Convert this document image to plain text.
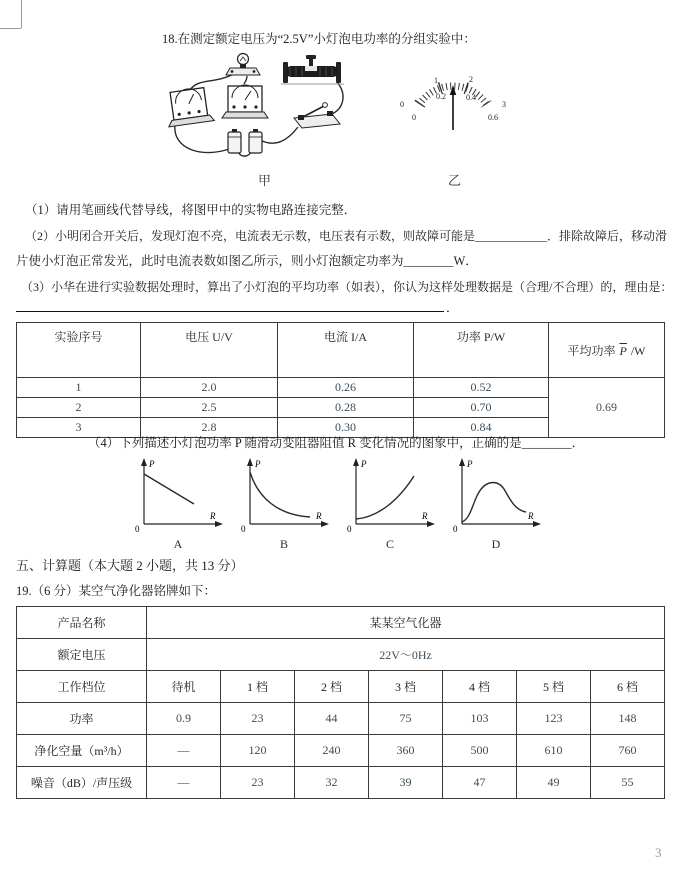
18.在测定额定电压为“2.5V”小灯泡电功率的分组实验中：
0
1	2
3
0
0.2	0.4
0.6
甲	乙
（1）请用笔画线代替导线，将图甲中的实物电路连接完整．
（2）小明闭合开关后，发现灯泡不亮，电流表无示数，电压表有示数，则故障可能是____________．排除故障后，移动滑
片使小灯泡正常发光，此时电流表数如图乙所示，则小灯泡额定功率为________W．
（3）小华在进行实验数据处理时，算出了小灯泡的平均功率（如表），你认为这样处理数据是（合理/不合理）的，理由是：
．
实验序号	电压 U/V	电流 I/A	功率 P/W	平均功率 $\overline{P}$ /W
1	2.0	0.26	0.52	0.69
2	2.5	0.28	0.70	
3	2.8	0.30	0.84	
（4）下列描述小灯泡功率 P 随滑动变阻器阻值 R 变化情况的图象中，正确的是________．
P
R
0
A
P
R
0
B
P
R
0
C
P
R
0
D
五、计算题（本大题 2 小题，共 13 分）
19.（6 分）某空气净化器铭牌如下：
产品名称	某某空气化器						
额定电压	22V～0Hz						
工作档位	待机	1 档	2 档	3 档	4 档	5 档	6 档
功率	0.9	23	44	75	103	123	148
净化空量（m³/h）	—	120	240	360	500	610	760
噪音（dB）/声压级	—	23	32	39	47	49	55
3
